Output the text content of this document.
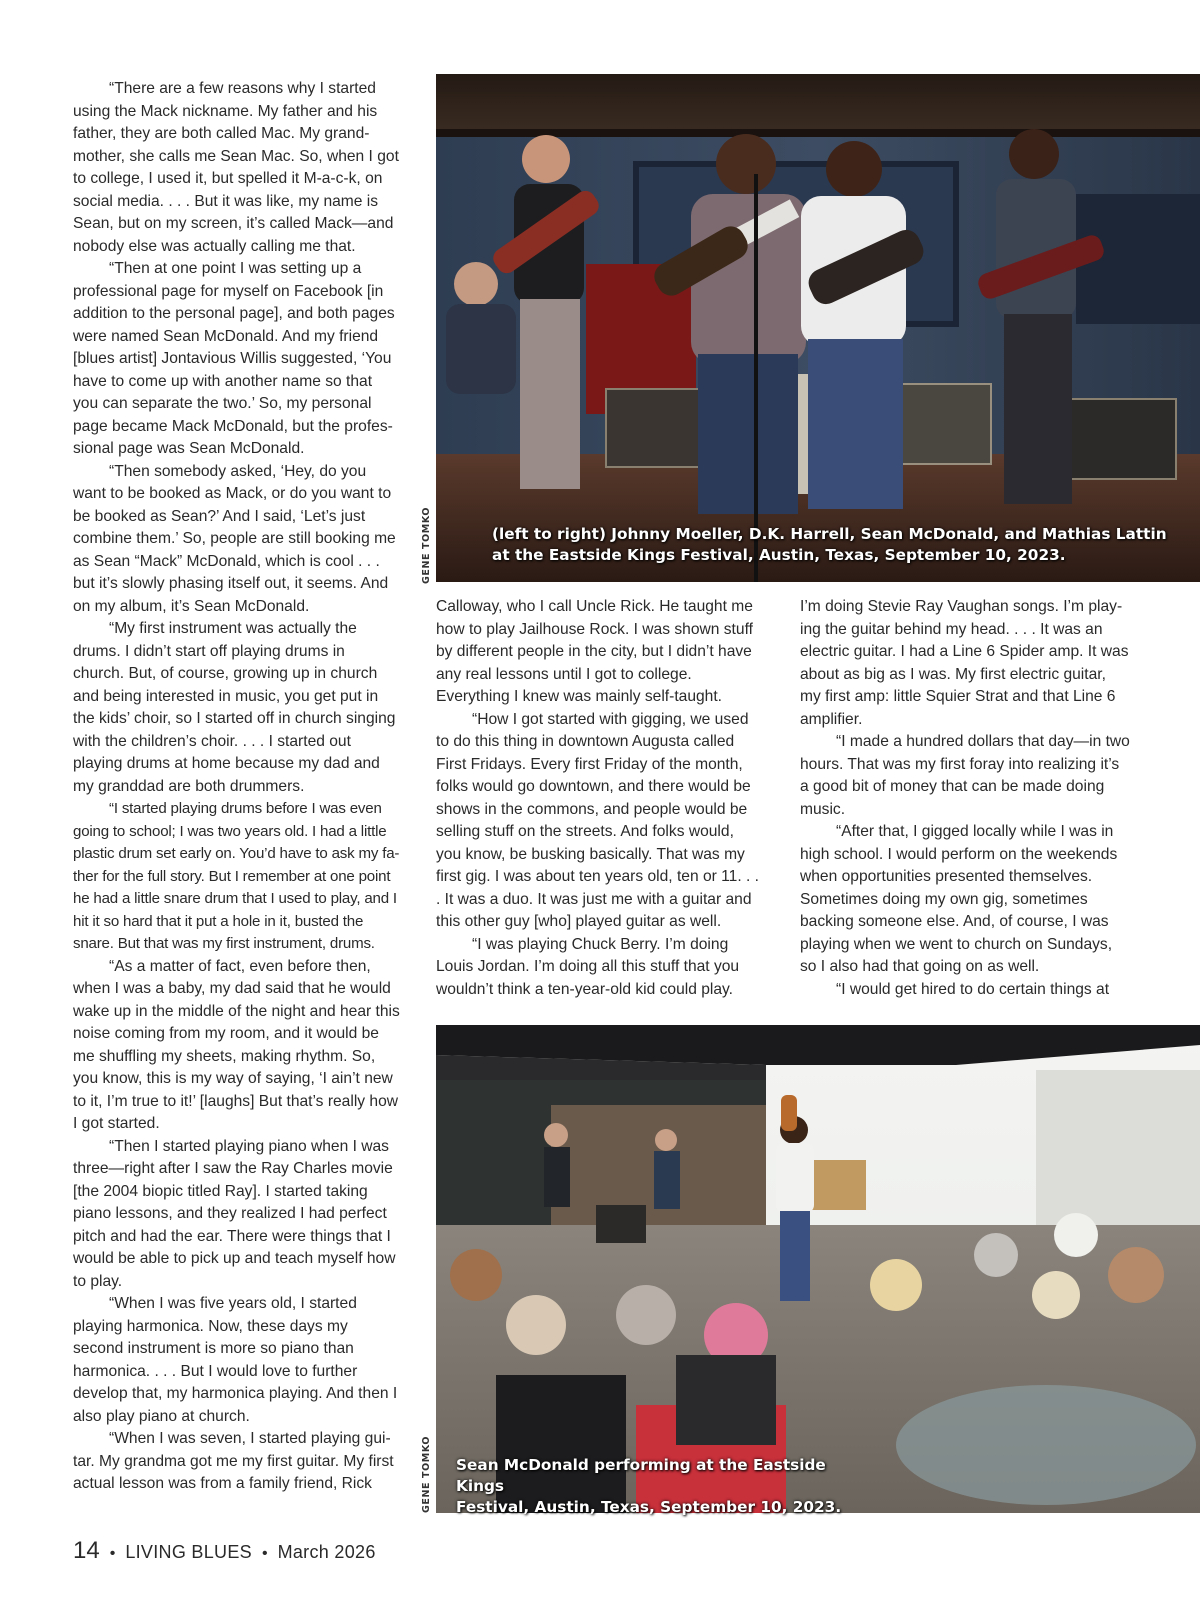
“There are a few reasons why I started using the Mack nickname. My father and his father, they are both called Mac. My grandmother, she calls me Sean Mac. So, when I got to college, I used it, but spelled it M-a-c-k, on social media. . . . But it was like, my name is Sean, but on my screen, it’s called Mack—and nobody else was actually calling me that.

“Then at one point I was setting up a professional page for myself on Facebook [in addition to the personal page], and both pages were named Sean McDonald. And my friend [blues artist] Jontavious Willis suggested, ‘You have to come up with another name so that you can separate the two.’ So, my personal page became Mack McDonald, but the professional page was Sean McDonald.

“Then somebody asked, ‘Hey, do you want to be booked as Mack, or do you want to be booked as Sean?’ And I said, ‘Let’s just combine them.’ So, people are still booking me as Sean “Mack” McDonald, which is cool . . . but it’s slowly phasing itself out, it seems. And on my album, it’s Sean McDonald.

“My first instrument was actually the drums. I didn’t start off playing drums in church. But, of course, growing up in church and being interested in music, you get put in the kids’ choir, so I started off in church singing with the children’s choir. . . . I started out playing drums at home because my dad and my granddad are both drummers.

“I started playing drums before I was even going to school; I was two years old. I had a little plastic drum set early on. You’d have to ask my father for the full story. But I remember at one point he had a little snare drum that I used to play, and I hit it so hard that it put a hole in it, busted the snare. But that was my first instrument, drums.

“As a matter of fact, even before then, when I was a baby, my dad said that he would wake up in the middle of the night and hear this noise coming from my room, and it would be me shuffling my sheets, making rhythm. So, you know, this is my way of saying, ‘I ain’t new to it, I’m true to it!’ [laughs] But that’s really how I got started.

“Then I started playing piano when I was three—right after I saw the Ray Charles movie [the 2004 biopic titled Ray]. I started taking piano lessons, and they realized I had perfect pitch and had the ear. There were things that I would be able to pick up and teach myself how to play.

“When I was five years old, I started playing harmonica. Now, these days my second instrument is more so piano than harmonica. . . . But I would love to further develop that, my harmonica playing. And then I also play piano at church.

“When I was seven, I started playing guitar. My grandma got me my first guitar. My first actual lesson was from a family friend, Rick

(left to right) Johnny Moeller, D.K. Harrell, Sean McDonald, and Mathias Lattin
at the Eastside Kings Festival, Austin, Texas, September 10, 2023.
GENE TOMKO

Calloway, who I call Uncle Rick. He taught me how to play Jailhouse Rock. I was shown stuff by different people in the city, but I didn’t have any real lessons until I got to college. Everything I knew was mainly self-taught.

“How I got started with gigging, we used to do this thing in downtown Augusta called First Fridays. Every first Friday of the month, folks would go downtown, and there would be shows in the commons, and people would be selling stuff on the streets. And folks would, you know, be busking basically. That was my first gig. I was about ten years old, ten or 11. . . . It was a duo. It was just me with a guitar and this other guy [who] played guitar as well.

“I was playing Chuck Berry. I’m doing Louis Jordan. I’m doing all this stuff that you wouldn’t think a ten-year-old kid could play.

I’m doing Stevie Ray Vaughan songs. I’m playing the guitar behind my head. . . . It was an electric guitar. I had a Line 6 Spider amp. It was about as big as I was. My first electric guitar, my first amp: little Squier Strat and that Line 6 amplifier.

“I made a hundred dollars that day—in two hours. That was my first foray into realizing it’s a good bit of money that can be made doing music.

“After that, I gigged locally while I was in high school. I would perform on the weekends when opportunities presented themselves. Sometimes doing my own gig, sometimes backing someone else. And, of course, I was playing when we went to church on Sundays, so I also had that going on as well.

“I would get hired to do certain things at

Sean McDonald performing at the Eastside Kings
Festival, Austin, Texas, September 10, 2023.
GENE TOMKO
14 • LIVING BLUES • March 2026
